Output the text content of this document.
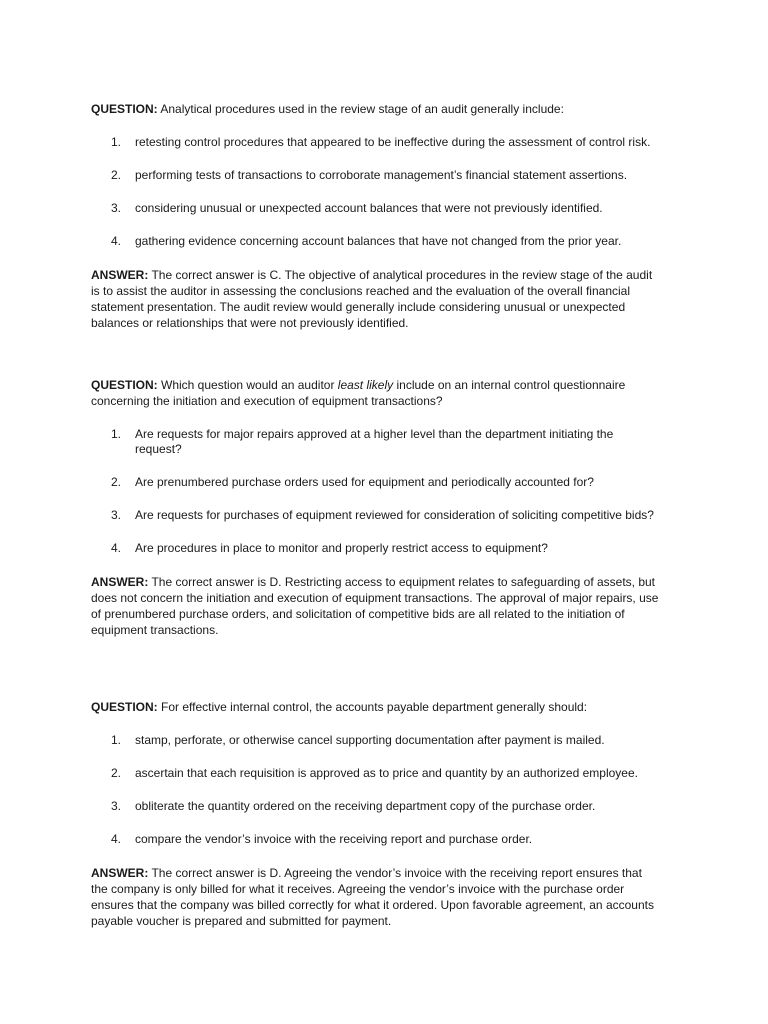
QUESTION: Analytical procedures used in the review stage of an audit generally include:

1. retesting control procedures that appeared to be ineffective during the assessment of control risk.
2. performing tests of transactions to corroborate management’s financial statement assertions.
3. considering unusual or unexpected account balances that were not previously identified.
4. gathering evidence concerning account balances that have not changed from the prior year.

ANSWER: The correct answer is C. The objective of analytical procedures in the review stage of the audit is to assist the auditor in assessing the conclusions reached and the evaluation of the overall financial statement presentation. The audit review would generally include considering unusual or unexpected balances or relationships that were not previously identified.

QUESTION: Which question would an auditor least likely include on an internal control questionnaire concerning the initiation and execution of equipment transactions?

1. Are requests for major repairs approved at a higher level than the department initiating the request?
2. Are prenumbered purchase orders used for equipment and periodically accounted for?
3. Are requests for purchases of equipment reviewed for consideration of soliciting competitive bids?
4. Are procedures in place to monitor and properly restrict access to equipment?

ANSWER: The correct answer is D. Restricting access to equipment relates to safeguarding of assets, but does not concern the initiation and execution of equipment transactions. The approval of major repairs, use of prenumbered purchase orders, and solicitation of competitive bids are all related to the initiation of equipment transactions.

QUESTION: For effective internal control, the accounts payable department generally should:

1. stamp, perforate, or otherwise cancel supporting documentation after payment is mailed.
2. ascertain that each requisition is approved as to price and quantity by an authorized employee.
3. obliterate the quantity ordered on the receiving department copy of the purchase order.
4. compare the vendor’s invoice with the receiving report and purchase order.

ANSWER: The correct answer is D. Agreeing the vendor’s invoice with the receiving report ensures that the company is only billed for what it receives. Agreeing the vendor’s invoice with the purchase order ensures that the company was billed correctly for what it ordered. Upon favorable agreement, an accounts payable voucher is prepared and submitted for payment.
